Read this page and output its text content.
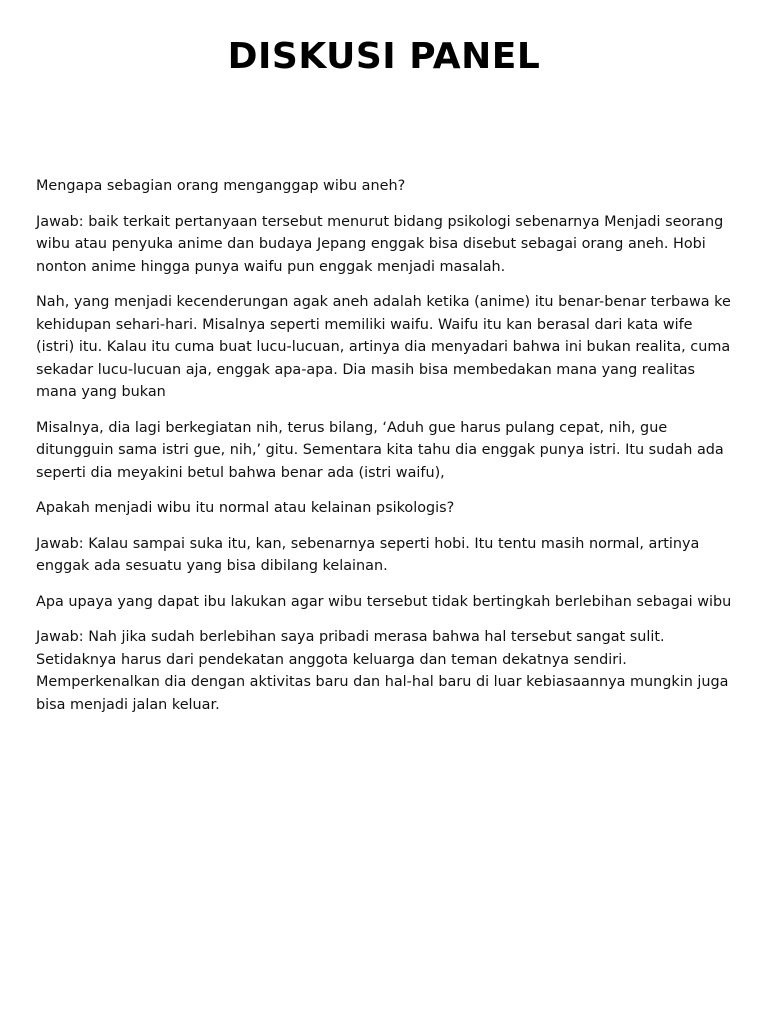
DISKUSI PANEL

Mengapa sebagian orang menganggap wibu aneh?

Jawab: baik terkait pertanyaan tersebut menurut bidang psikologi sebenarnya Menjadi seorang wibu atau penyuka anime dan budaya Jepang enggak bisa disebut sebagai orang aneh. Hobi nonton anime hingga punya waifu pun enggak menjadi masalah.

Nah, yang menjadi kecenderungan agak aneh adalah ketika (anime) itu benar-benar terbawa ke kehidupan sehari-hari. Misalnya seperti memiliki waifu. Waifu itu kan berasal dari kata wife (istri) itu. Kalau itu cuma buat lucu-lucuan, artinya dia menyadari bahwa ini bukan realita, cuma sekadar lucu-lucuan aja, enggak apa-apa. Dia masih bisa membedakan mana yang realitas mana yang bukan

Misalnya, dia lagi berkegiatan nih, terus bilang, ‘Aduh gue harus pulang cepat, nih, gue ditungguin sama istri gue, nih,’ gitu. Sementara kita tahu dia enggak punya istri. Itu sudah ada seperti dia meyakini betul bahwa benar ada (istri waifu),

Apakah menjadi wibu itu normal atau kelainan psikologis?

Jawab: Kalau sampai suka itu, kan, sebenarnya seperti hobi. Itu tentu masih normal, artinya enggak ada sesuatu yang bisa dibilang kelainan.

Apa upaya yang dapat ibu lakukan agar wibu tersebut tidak bertingkah berlebihan sebagai wibu

Jawab: Nah jika sudah berlebihan saya pribadi merasa bahwa hal tersebut sangat sulit. Setidaknya harus dari pendekatan anggota keluarga dan teman dekatnya sendiri. Memperkenalkan dia dengan aktivitas baru dan hal-hal baru di luar kebiasaannya mungkin juga bisa menjadi jalan keluar.
